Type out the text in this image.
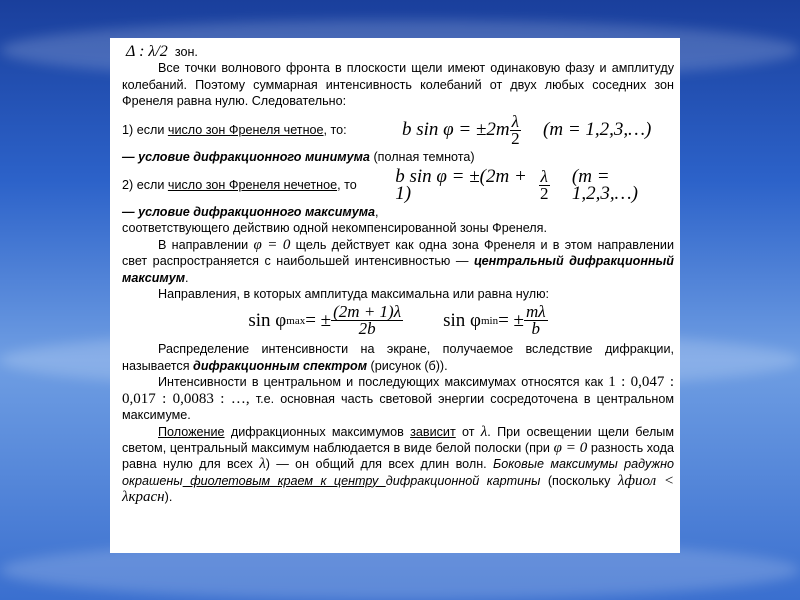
Δ : λ/2 зон.

Все точки волнового фронта в плоскости щели имеют одинаковую фазу и амплитуду колебаний. Поэтому суммарная интенсивность колебаний от двух любых соседних зон Френеля равна нулю. Следовательно:

1) если число зон Френеля четное, то:	b $\sin \varphi = \pm 2m \frac{\lambda}{2} (m$ = 1,2,3,…)

— условие дифракционного минимума (полная темнота)

2) если число зон Френеля нечетное, то	b sin φ = ±(2m + 1)	$\frac{\lambda}{2} (m$ = 1,2,3,…)

— условие дифракционного максимума,

соответствующего действию одной некомпенсированной зоны Френеля.

В направлении φ = 0 щель действует как одна зона Френеля и в этом направлении свет распространяется с наибольшей интенсивностью — центральный дифракционный максимум.

Направления, в которых амплитуда максимальна или равна нулю:

sin φ max = ± $\frac{(2m + 1)\lambda}{2b}$ sin φ min = ± $\frac{m\lambda}{b}$

Распределение интенсивности на экране, получаемое вследствие дифракции, называется дифракционным спектром (рисунок (б)).

Интенсивности в центральном и последующих максимумах относятся как 1 : 0,047 : 0,017 : 0,0083 : …, т.е. основная часть световой энергии сосредоточена в центральном максимуме.

Положение дифракционных максимумов зависит от λ. При освещении щели белым светом, центральный максимум наблюдается в виде белой полоски (при φ = 0 разность хода равна нулю для всех λ) — он общий для всех длин волн. Боковые максимумы радужно окрашены фиолетовым краем к центру дифракционной картины (поскольку λфиол < λкрасн).
